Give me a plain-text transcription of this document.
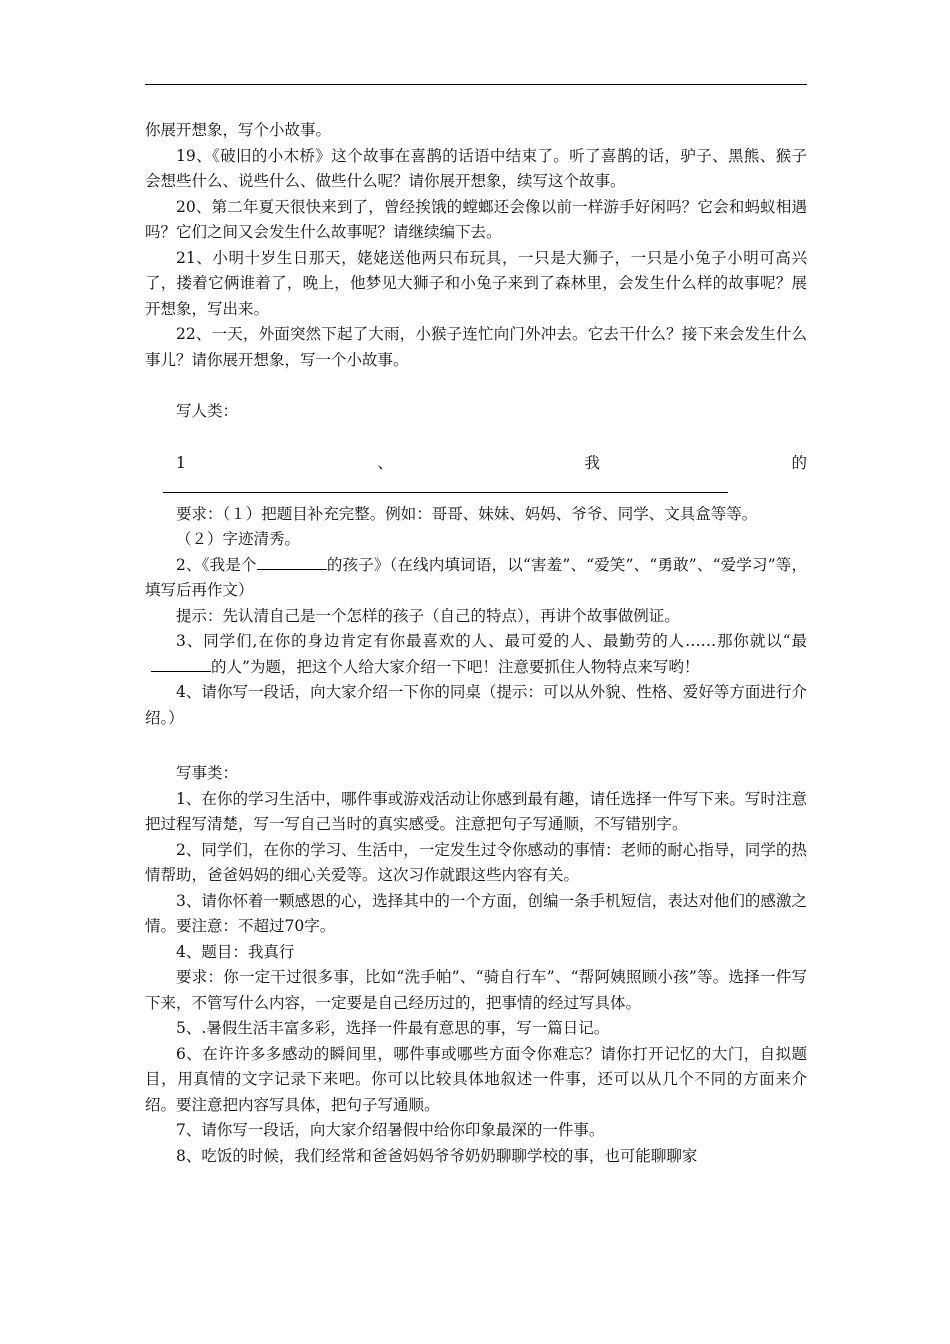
你展开想象，写个小故事。

19、《破旧的小木桥》这个故事在喜鹊的话语中结束了。听了喜鹊的话，驴子、黑熊、猴子会想些什么、说些什么、做些什么呢？请你展开想象，续写这个故事。

20、第二年夏天很快来到了，曾经挨饿的螳螂还会像以前一样游手好闲吗？它会和蚂蚁相遇吗？它们之间又会发生什么故事呢？请继续编下去。

21、小明十岁生日那天，姥姥送他两只布玩具，一只是大狮子，一只是小兔子小明可高兴了，搂着它俩谁着了，晚上，他梦见大狮子和小兔子来到了森林里，会发生什么样的故事呢？展开想象，写出来。

22、一天，外面突然下起了大雨，小猴子连忙向门外冲去。它去干什么？接下来会发生什么事儿？请你展开想象，写一个小故事。

写人类：

1、我的

要求：（１）把题目补充完整。例如：哥哥、妹妹、妈妈、爷爷、同学、文具盒等等。

（２）字迹清秀。

2、《我是个	的孩子》（在线内填词语，以“害羞”、“爱笑”、“勇敢”、“爱学习”等，填写后再作文）

提示：先认清自己是一个怎样的孩子（自己的特点），再讲个故事做例证。

3、同学们,在你的身边肯定有你最喜欢的人、最可爱的人、最勤劳的人……那你就以“最的人”为题，把这个人给大家介绍一下吧！注意要抓住人物特点来写哟！

4、请你写一段话，向大家介绍一下你的同桌（提示：可以从外貌、性格、爱好等方面进行介绍。）

写事类：

1、在你的学习生活中，哪件事或游戏活动让你感到最有趣，请任选择一件写下来。写时注意把过程写清楚，写一写自己当时的真实感受。注意把句子写通顺，不写错别字。

2、同学们，在你的学习、生活中，一定发生过令你感动的事情：老师的耐心指导，同学的热情帮助，爸爸妈妈的细心关爱等。这次习作就跟这些内容有关。

3、请你怀着一颗感恩的心，选择其中的一个方面，创编一条手机短信，表达对他们的感激之情。要注意：不超过70字。

4、题目：我真行

要求：你一定干过很多事，比如“洗手帕”、“骑自行车”、“帮阿姨照顾小孩”等。选择一件写下来，不管写什么内容，一定要是自己经历过的，把事情的经过写具体。

5、.暑假生活丰富多彩，选择一件最有意思的事，写一篇日记。

6、在许许多多感动的瞬间里，哪件事或哪些方面令你难忘？请你打开记忆的大门，自拟题目，用真情的文字记录下来吧。你可以比较具体地叙述一件事，还可以从几个不同的方面来介绍。要注意把内容写具体，把句子写通顺。

7、请你写一段话，向大家介绍暑假中给你印象最深的一件事。

8、吃饭的时候，我们经常和爸爸妈妈爷爷奶奶聊聊学校的事，也可能聊聊家
